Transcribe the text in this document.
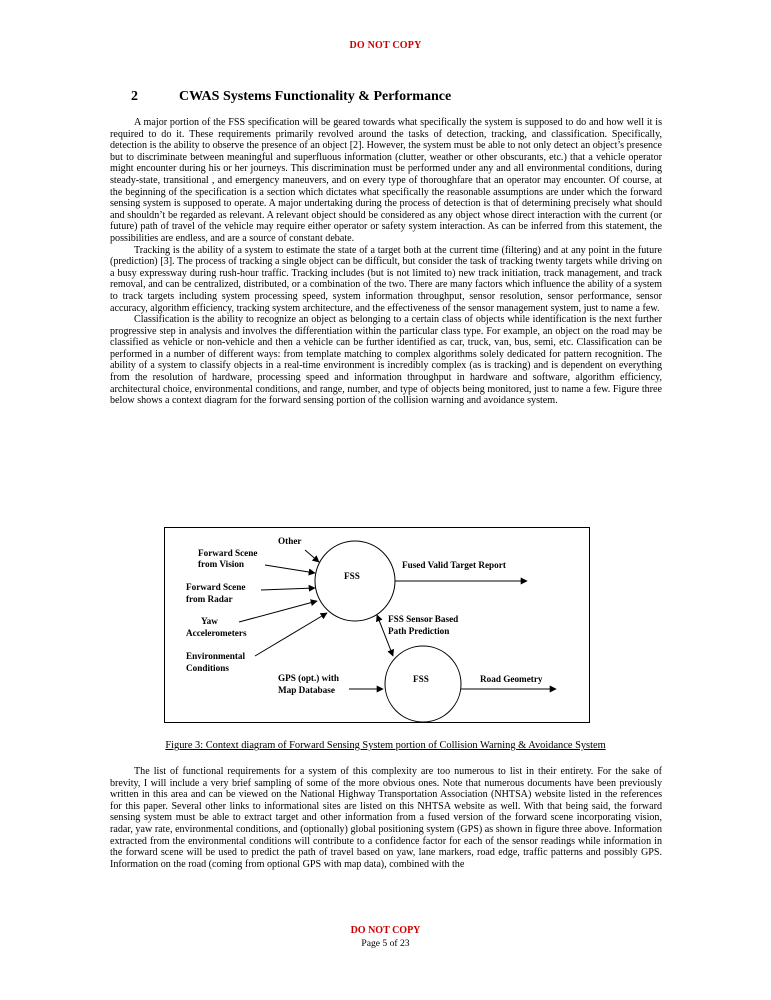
DO NOT COPY
2	CWAS Systems Functionality & Performance

A major portion of the FSS specification will be geared towards what specifically the system is supposed to do and how well it is required to do it. These requirements primarily revolved around the tasks of detection, tracking, and classification. Specifically, detection is the ability to observe the presence of an object [2]. However, the system must be able to not only detect an object’s presence but to discriminate between meaningful and superfluous information (clutter, weather or other obscurants, etc.) that a vehicle operator might encounter during his or her journeys. This discrimination must be performed under any and all environmental conditions, during steady-state, transitional , and emergency maneuvers, and on every type of thoroughfare that an operator may encounter. Of course, at the beginning of the specification is a section which dictates what specifically the reasonable assumptions are under which the forward sensing system is supposed to operate. A major undertaking during the process of detection is that of determining precisely what should and shouldn’t be regarded as relevant. A relevant object should be considered as any object whose direct interaction with the current (or future) path of travel of the vehicle may require either operator or safety system interaction. As can be inferred from this statement, the possibilities are endless, and are a source of constant debate.

Tracking is the ability of a system to estimate the state of a target both at the current time (filtering) and at any point in the future (prediction) [3]. The process of tracking a single object can be difficult, but consider the task of tracking twenty targets while driving on a busy expressway during rush-hour traffic. Tracking includes (but is not limited to) new track initiation, track management, and track removal, and can be centralized, distributed, or a combination of the two. There are many factors which influence the ability of a system to track targets including system processing speed, system information throughput, sensor resolution, sensor performance, sensor accuracy, algorithm efficiency, tracking system architecture, and the effectiveness of the sensor management system, just to name a few.

Classification is the ability to recognize an object as belonging to a certain class of objects while identification is the next further progressive step in analysis and involves the differentiation within the particular class type. For example, an object on the road may be classified as vehicle or non-vehicle and then a vehicle can be further identified as car, truck, van, bus, semi, etc. Classification can be performed in a number of different ways: from template matching to complex algorithms solely dedicated for pattern recognition. The ability of a system to classify objects in a real-time environment is incredibly complex (as is tracking) and is dependent on everything from the resolution of hardware, processing speed and information throughput in hardware and software, algorithm efficiency, architectural choice, environmental conditions, and range, number, and type of objects being monitored, just to name a few. Figure three below shows a context diagram for the forward sensing portion of the collision warning and avoidance system.

Other
Forward Scene
from Vision
Forward Scene
from Radar
Yaw
Accelerometers
Environmental
Conditions
FSS
Fused Valid Target Report
FSS Sensor Based
Path Prediction
GPS (opt.) with
Map Database
FSS	Road Geometry
Figure 3: Context diagram of Forward Sensing System portion of Collision Warning & Avoidance System

The list of functional requirements for a system of this complexity are too numerous to list in their entirety. For the sake of brevity, I will include a very brief sampling of some of the more obvious ones. Note that numerous documents have been previously written in this area and can be viewed on the National Highway Transportation Association (NHTSA) website listed in the references for this paper. Several other links to informational sites are listed on this NHTSA website as well. With that being said, the forward sensing system must be able to extract target and other information from a fused version of the forward scene incorporating vision, radar, yaw rate, environmental conditions, and (optionally) global positioning system (GPS) as shown in figure three above. Information extracted from the environmental conditions will contribute to a confidence factor for each of the sensor readings while information in the forward scene will be used to predict the path of travel based on yaw, lane markers, road edge, traffic patterns and possibly GPS. Information on the road (coming from optional GPS with map data), combined with the

DO NOT COPY
Page 5 of 23
